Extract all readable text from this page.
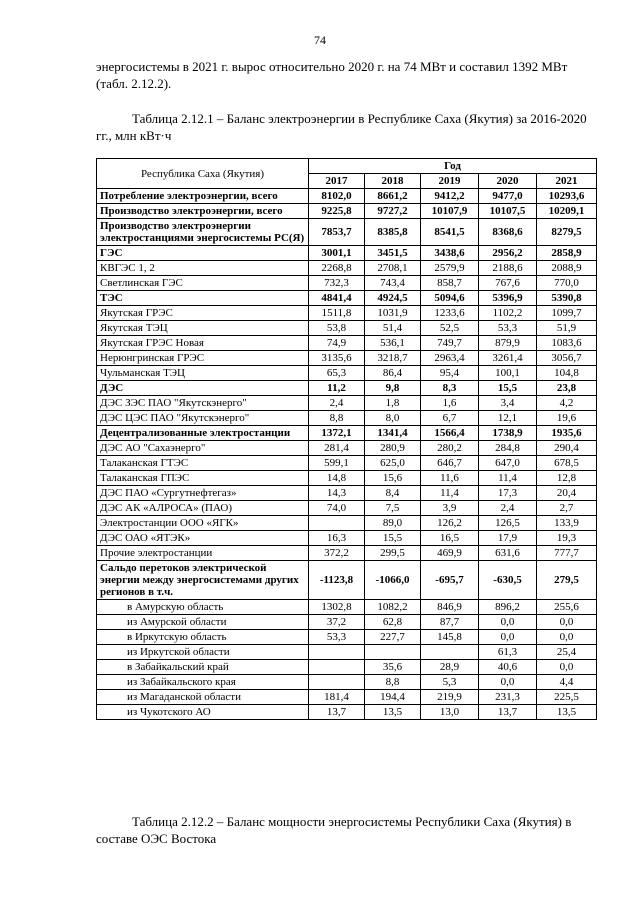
74
энергосистемы в 2021 г. вырос относительно 2020 г. на 74 МВт и составил 1392 МВт (табл. 2.12.2).
Таблица 2.12.1 – Баланс электроэнергии в Республике Саха (Якутия) за 2016-2020 гг., млн кВт·ч
Республика Саха (Якутия)	Год				
	2017	2018	2019	2020	2021
Потребление электроэнергии, всего	8102,0	8661,2	9412,2	9477,0	10293,6
Производство электроэнергии, всего	9225,8	9727,2	10107,9	10107,5	10209,1
Производство электроэнергии электростанциями энергосистемы РС(Я)	7853,7	8385,8	8541,5	8368,6	8279,5
ГЭС	3001,1	3451,5	3438,6	2956,2	2858,9
КВГЭС 1, 2	2268,8	2708,1	2579,9	2188,6	2088,9
Светлинская ГЭС	732,3	743,4	858,7	767,6	770,0
ТЭС	4841,4	4924,5	5094,6	5396,9	5390,8
Якутская ГРЭС	1511,8	1031,9	1233,6	1102,2	1099,7
Якутская ТЭЦ	53,8	51,4	52,5	53,3	51,9
Якутская ГРЭС Новая	74,9	536,1	749,7	879,9	1083,6
Нерюнгринская ГРЭС	3135,6	3218,7	2963,4	3261,4	3056,7
Чульманская ТЭЦ	65,3	86,4	95,4	100,1	104,8
ДЭС	11,2	9,8	8,3	15,5	23,8
ДЭС ЗЭС ПАО "Якутскэнерго"	2,4	1,8	1,6	3,4	4,2
ДЭС ЦЭС ПАО "Якутскэнерго"	8,8	8,0	6,7	12,1	19,6
Децентрализованные электростанции	1372,1	1341,4	1566,4	1738,9	1935,6
ДЭС АО "Сахаэнерго"	281,4	280,9	280,2	284,8	290,4
Талаканская ГТЭС	599,1	625,0	646,7	647,0	678,5
Талаканская ГПЭС	14,8	15,6	11,6	11,4	12,8
ДЭС ПАО «Сургутнефтегаз»	14,3	8,4	11,4	17,3	20,4
ДЭС АК «АЛРОСА» (ПАО)	74,0	7,5	3,9	2,4	2,7
Электростанции ООО «ЯГК»		89,0	126,2	126,5	133,9
ДЭС ОАО «ЯТЭК»	16,3	15,5	16,5	17,9	19,3
Прочие электростанции	372,2	299,5	469,9	631,6	777,7
Сальдо перетоков электрической энергии между энергосистемами других регионов в т.ч.	-1123,8	-1066,0	-695,7	-630,5	279,5
в Амурскую область	1302,8	1082,2	846,9	896,2	255,6
из Амурской области	37,2	62,8	87,7	0,0	0,0
в Иркутскую область	53,3	227,7	145,8	0,0	0,0
из Иркутской области				61,3	25,4
в Забайкальский край		35,6	28,9	40,6	0,0
из Забайкальского края		8,8	5,3	0,0	4,4
из Магаданской области	181,4	194,4	219,9	231,3	225,5
из Чукотского АО	13,7	13,5	13,0	13,7	13,5
Таблица 2.12.2 – Баланс мощности энергосистемы Республики Саха (Якутия) в составе ОЭС Востока
